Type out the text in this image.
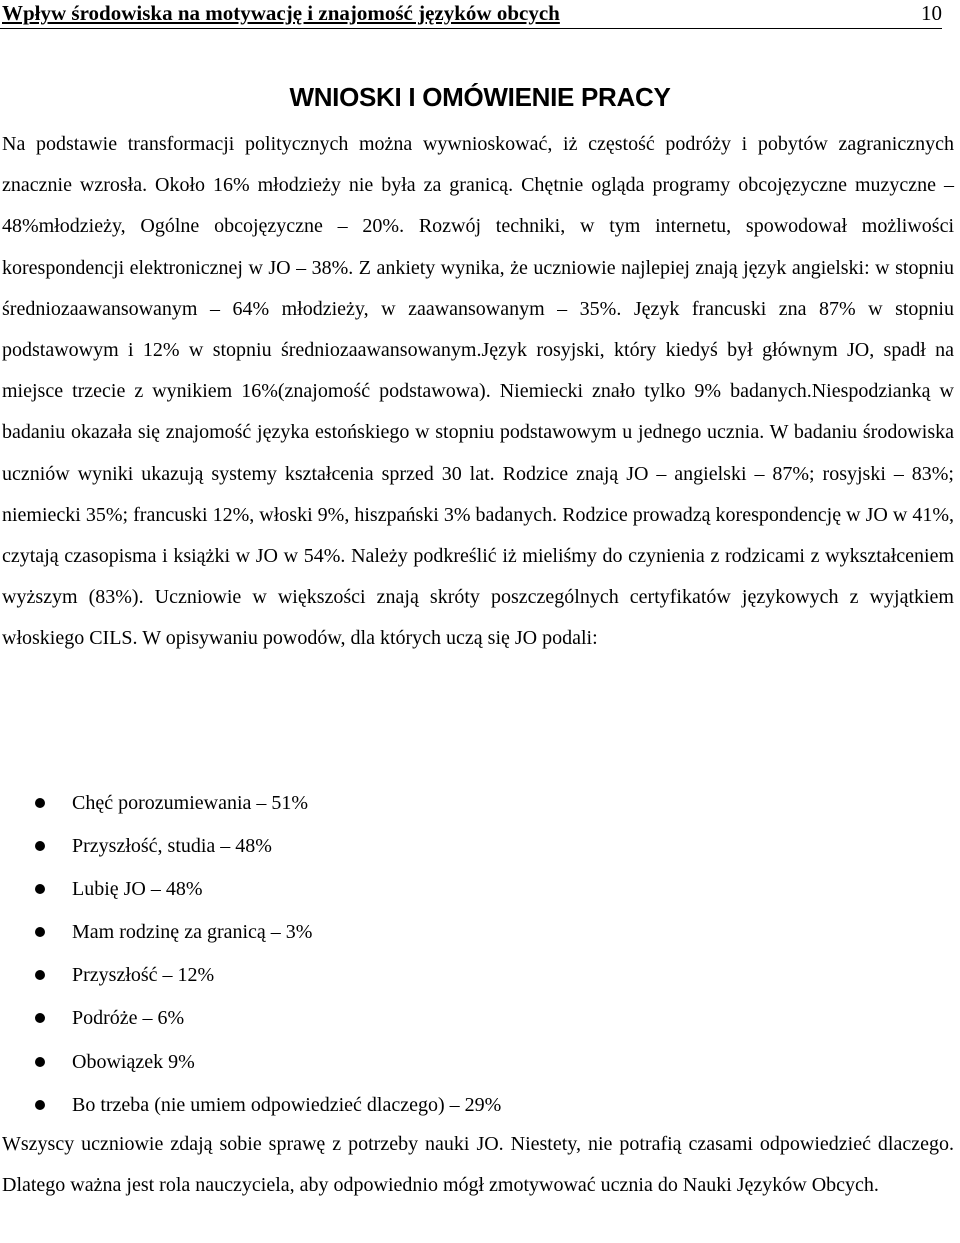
Wpływ środowiska na motywację i znajomość języków obcych	10
WNIOSKI I OMÓWIENIE PRACY

Na podstawie transformacji politycznych można wywnioskować, iż częstość podróży i pobytów zagranicznych znacznie wzrosła. Około 16% młodzieży nie była za granicą. Chętnie ogląda programy obcojęzyczne muzyczne – 48%młodzieży, Ogólne obcojęzyczne – 20%. Rozwój techniki, w tym internetu, spowodował możliwości korespondencji elektronicznej w JO – 38%. Z ankiety wynika, że uczniowie najlepiej znają język angielski: w stopniu średniozaawansowanym – 64% młodzieży, w zaawansowanym – 35%. Język francuski zna 87% w stopniu podstawowym i 12% w stopniu średniozaawansowanym.Język rosyjski, który kiedyś był głównym JO, spadł na miejsce trzecie z wynikiem 16%(znajomość podstawowa). Niemiecki znało tylko 9% badanych.Niespodzianką w badaniu okazała się znajomość języka estońskiego w stopniu podstawowym u jednego ucznia. W badaniu środowiska uczniów wyniki ukazują systemy kształcenia sprzed 30 lat. Rodzice znają JO – angielski – 87%; rosyjski – 83%; niemiecki 35%; francuski 12%, włoski 9%, hiszpański 3% badanych. Rodzice prowadzą korespondencję w JO w 41%, czytają czasopisma i książki w JO w 54%. Należy podkreślić iż mieliśmy do czynienia z rodzicami z wykształceniem wyższym (83%). Uczniowie w większości znają skróty poszczególnych certyfikatów językowych z wyjątkiem włoskiego CILS. W opisywaniu powodów, dla których uczą się JO podali:

Chęć porozumiewania – 51%
Przyszłość, studia – 48%
Lubię JO – 48%
Mam rodzinę za granicą – 3%
Przyszłość – 12%
Podróże – 6%
Obowiązek 9%
Bo trzeba (nie umiem odpowiedzieć dlaczego) – 29%

Wszyscy uczniowie zdają sobie sprawę z potrzeby nauki JO. Niestety, nie potrafią czasami odpowiedzieć dlaczego. Dlatego ważna jest rola nauczyciela, aby odpowiednio mógł zmotywować ucznia do Nauki Języków Obcych.
